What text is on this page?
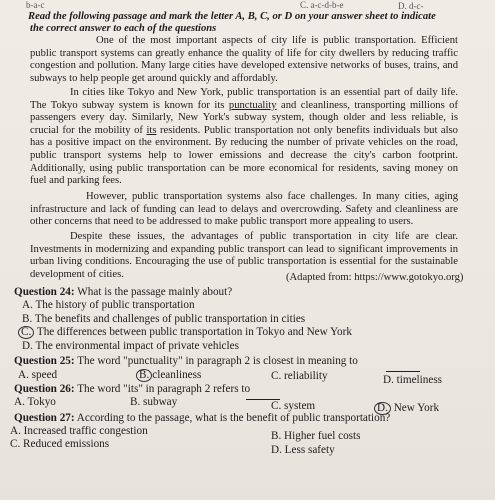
b-a-c	C. a-c-d-b-e	D. d-c-
Read the following passage and mark the letter A, B, C, or D on your answer sheet to indicate
the correct answer to each of the questions

One of the most important aspects of city life is public transportation. Efficient public transport systems can greatly enhance the quality of life for city dwellers by reducing traffic congestion and pollution. Many large cities have developed extensive networks of buses, trains, and subways to help people get around quickly and affordably.

In cities like Tokyo and New York, public transportation is an essential part of daily life. The Tokyo subway system is known for its punctuality and cleanliness, transporting millions of passengers every day. Similarly, New York's subway system, though older and less reliable, is crucial for the mobility of its residents. Public transportation not only benefits individuals but also has a positive impact on the environment. By reducing the number of private vehicles on the road, public transport systems help to lower emissions and decrease the city's carbon footprint. Additionally, using public transportation can be more economical for residents, saving money on fuel and parking fees.

However, public transportation systems also face challenges. In many cities, aging infrastructure and lack of funding can lead to delays and overcrowding. Safety and cleanliness are other concerns that need to be addressed to make public transport more appealing to users.

Despite these issues, the advantages of public transportation in city life are clear. Investments in modernizing and expanding public transport can lead to significant improvements in urban living conditions. Encouraging the use of public transportation is essential for the sustainable development of cities.	(Adapted from: https://www.gotokyo.org)
Question 24: What is the passage mainly about?
A. The history of public transportation
B. The benefits and challenges of public transportation in cities
C. The differences between public transportation in Tokyo and New York
D. The environmental impact of private vehicles
Question 25: The word "punctuality" in paragraph 2 is closest in meaning to
A. speed	B. cleanliness	C. reliability	D. timeliness
Question 26: The word "its" in paragraph 2 refers to
A. Tokyo	B. subway	C. system	D. New York
Question 27: According to the passage, what is the benefit of public transportation?
A. Increased traffic congestion	B. Higher fuel costs
C. Reduced emissions	D. Less safety
